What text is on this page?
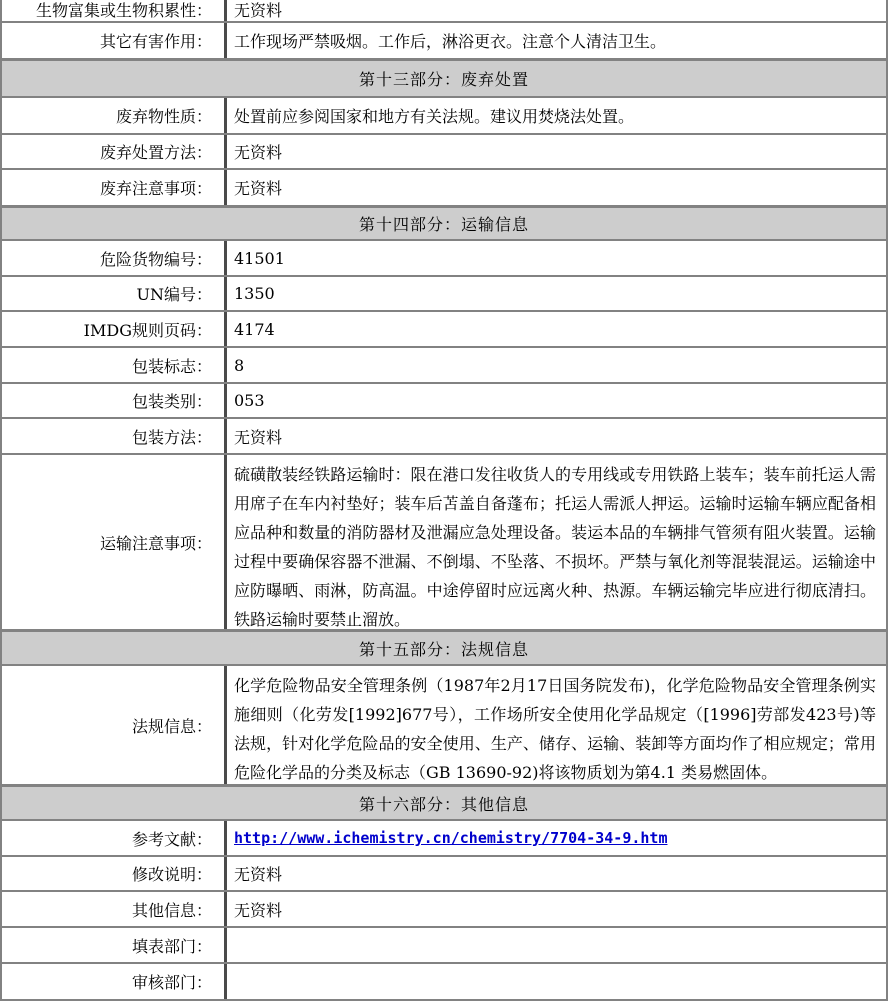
生物富集或生物积累性： 无资料
其它有害作用： 工作现场严禁吸烟。工作后，淋浴更衣。注意个人清洁卫生。
第十三部分：废弃处置
废弃物性质： 处置前应参阅国家和地方有关法规。建议用焚烧法处置。
废弃处置方法： 无资料
废弃注意事项： 无资料
第十四部分：运输信息
危险货物编号： 41501
UN编号： 1350
IMDG规则页码： 4174
包装标志： 8
包装类别： 053
包装方法： 无资料
运输注意事项：
硫磺散装经铁路运输时：限在港口发往收货人的专用线或专用铁路上装车；装车前托运人需用席子在车内衬垫好；装车后苫盖自备蓬布；托运人需派人押运。运输时运输车辆应配备相应品种和数量的消防器材及泄漏应急处理设备。装运本品的车辆排气管须有阻火装置。运输过程中要确保容器不泄漏、不倒塌、不坠落、不损坏。严禁与氧化剂等混装混运。运输途中应防曝晒、雨淋，防高温。中途停留时应远离火种、热源。车辆运输完毕应进行彻底清扫。铁路运输时要禁止溜放。
第十五部分：法规信息
法规信息：
化学危险物品安全管理条例（1987年2月17日国务院发布)，化学危险物品安全管理条例实施细则（化劳发[1992]677号），工作场所安全使用化学品规定（[1996]劳部发423号)等法规，针对化学危险品的安全使用、生产、储存、运输、装卸等方面均作了相应规定；常用危险化学品的分类及标志（GB 13690-92)将该物质划为第4.1 类易燃固体。
第十六部分：其他信息
参考文献： http://www.ichemistry.cn/chemistry/7704-34-9.htm
修改说明： 无资料
其他信息： 无资料
填表部门：
审核部门：
